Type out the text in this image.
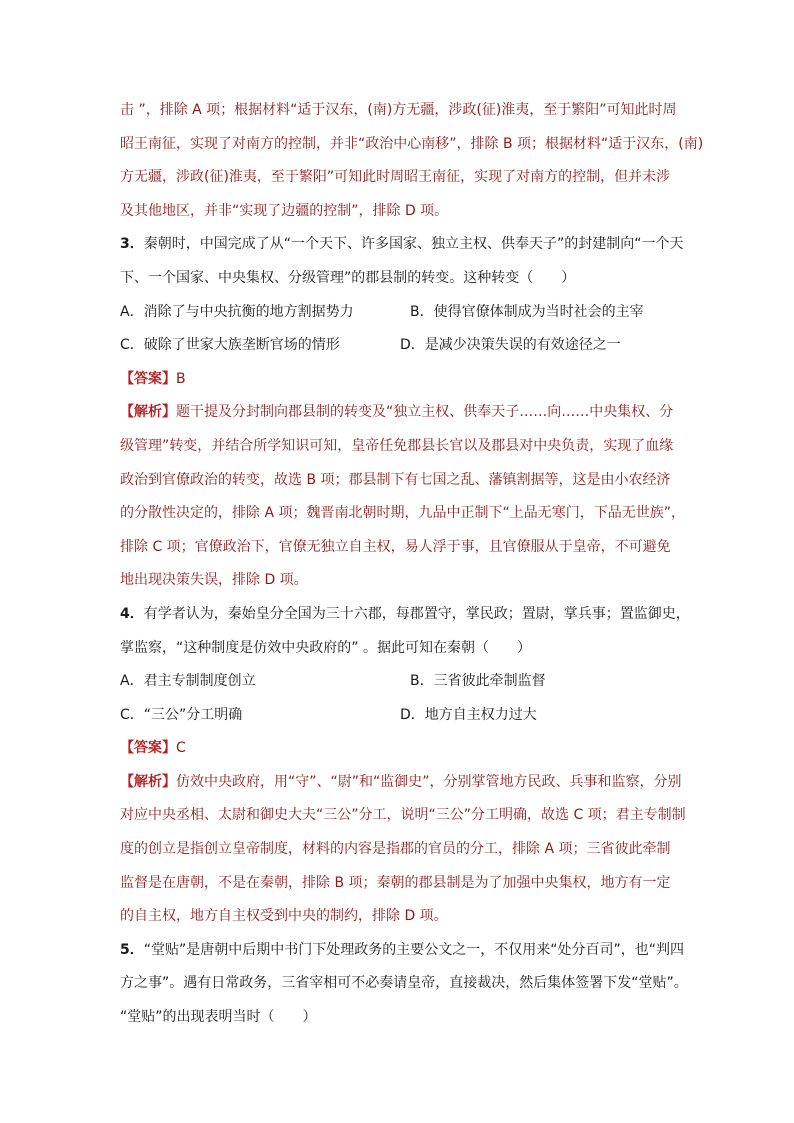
击 ”，排除 A 项；根据材料“适于汉东，(南)方无疆，涉政(征)淮夷，至于繁阳”可知此时周
昭王南征，实现了对南方的控制，并非“政治中心南移”，排除 B 项；根据材料“适于汉东，(南)
方无疆，涉政(征)淮夷，至于繁阳”可知此时周昭王南征，实现了对南方的控制，但并未涉
及其他地区，并非“实现了边疆的控制”，排除 D 项。
3．秦朝时，中国完成了从“一个天下、许多国家、独立主权、供奉天子”的封建制向“一个天
下、一个国家、中央集权、分级管理”的郡县制的转变。这种转变（　　）
A．消除了与中央抗衡的地方割据势力	B．使得官僚体制成为当时社会的主宰
C．破除了世家大族垄断官场的情形	D．是减少决策失误的有效途径之一
【答案】B
【解析】题干提及分封制向郡县制的转变及“独立主权、供奉天子……向……中央集权、分
级管理”转变，并结合所学知识可知，皇帝任免郡县长官以及郡县对中央负责，实现了血缘
政治到官僚政治的转变，故选 B 项；郡县制下有七国之乱、藩镇割据等，这是由小农经济
的分散性决定的，排除 A 项；魏晋南北朝时期，九品中正制下“上品无寒门，下品无世族”，
排除 C 项；官僚政治下，官僚无独立自主权，易人浮于事，且官僚服从于皇帝，不可避免
地出现决策失误，排除 D 项。
4．有学者认为，秦始皇分全国为三十六郡，每郡置守，掌民政；置尉，掌兵事；置监御史，
掌监察，“这种制度是仿效中央政府的” 。据此可知在秦朝（　　）
A．君主专制制度创立	B．三省彼此牵制监督
C．“三公”分工明确	D．地方自主权力过大
【答案】C
【解析】仿效中央政府，用“守”、“尉”和“监御史”，分别掌管地方民政、兵事和监察，分别
对应中央丞相、太尉和御史大夫“三公”分工，说明“三公”分工明确，故选 C 项；君主专制制
度的创立是指创立皇帝制度，材料的内容是指郡的官员的分工，排除 A 项；三省彼此牵制
监督是在唐朝，不是在秦朝，排除 B 项；秦朝的郡县制是为了加强中央集权，地方有一定
的自主权，地方自主权受到中央的制约，排除 D 项。
5．“堂贴”是唐朝中后期中书门下处理政务的主要公文之一，不仅用来“处分百司”，也“判四
方之事”。遇有日常政务，三省宰相可不必奏请皇帝，直接裁决，然后集体签署下发“堂贴”。
“堂贴”的出现表明当时（　　）
